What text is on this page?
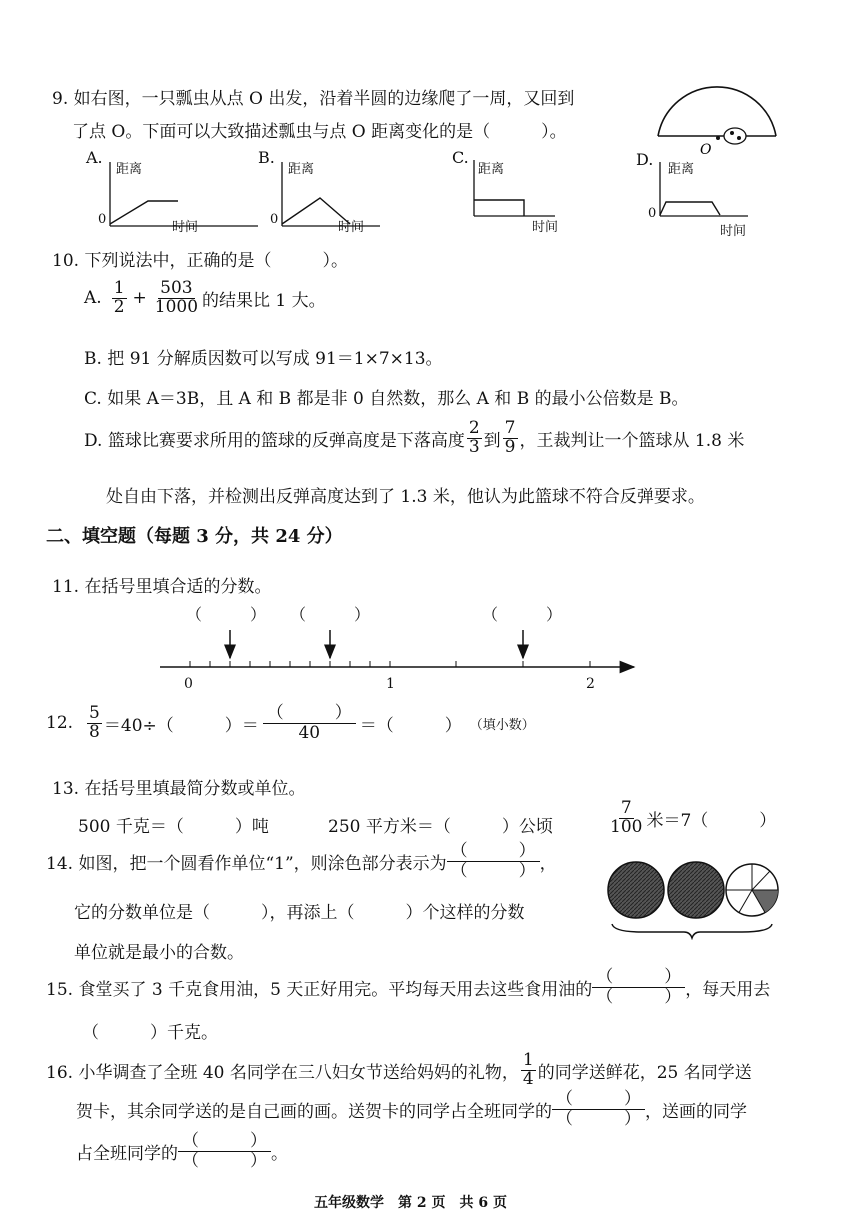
9. 如右图，一只瓢虫从点 O 出发，沿着半圆的边缘爬了一周，又回到
了点 O。下面可以大致描述瓢虫与点 O 距离变化的是（　　　）。
O
A.
距离
时间
0
B.
距离
时间
0
C.
距离
时间
D.
距离
时间
0
10. 下列说法中，正确的是（　　　）。
A. $\frac{1}{2} + \frac{503}{1000}$ 的结果比 1 大。
B. 把 91 分解质因数可以写成 91＝1×7×13。
C. 如果 A＝3B，且 A 和 B 都是非 0 自然数，那么 A 和 B 的最小公倍数是 B。
D. 篮球比赛要求所用的篮球的反弹高度是下落高度 $\frac{2}{3}$ 到 $\frac{7}{9}$ ，王裁判让一个篮球从 1.8 米
处自由下落，并检测出反弹高度达到了 1.3 米，他认为此篮球不符合反弹要求。
二、填空题（每题 3 分，共 24 分）
11. 在括号里填合适的分数。
（　　　） （　　　）	（　　　）
0	1	2
12. $\frac{5}{8} =40\div$（　　　）＝
（　　　）
40 ＝（　　　） （填小数）
13. 在括号里填最简分数或单位。
500 千克＝（　　　）吨	250 平方米＝（　　　）公顷	$\frac{7}{100}$ 米＝7（　　　）
14. 如图，把一个圆看作单位“1”，则涂色部分表示为
（　　　）
（　　　） ，
它的分数单位是（　　　），再添上（　　　）个这样的分数
单位就是最小的合数。
15. 食堂买了 3 千克食用油，5 天正好用完。平均每天用去这些食用油的
（　　　）
（　　　） ，每天用去
（　　　）千克。
16. 小华调查了全班 40 名同学在三八妇女节送给妈妈的礼物， $\frac{1}{4}$ 的同学送鲜花，25 名同学送
贺卡，其余同学送的是自己画的画。送贺卡的同学占全班同学的
（　　　）
（　　　） ，送画的同学
占全班同学的
（　　　）
（　　　） 。
五年级数学　第 2 页　共 6 页
